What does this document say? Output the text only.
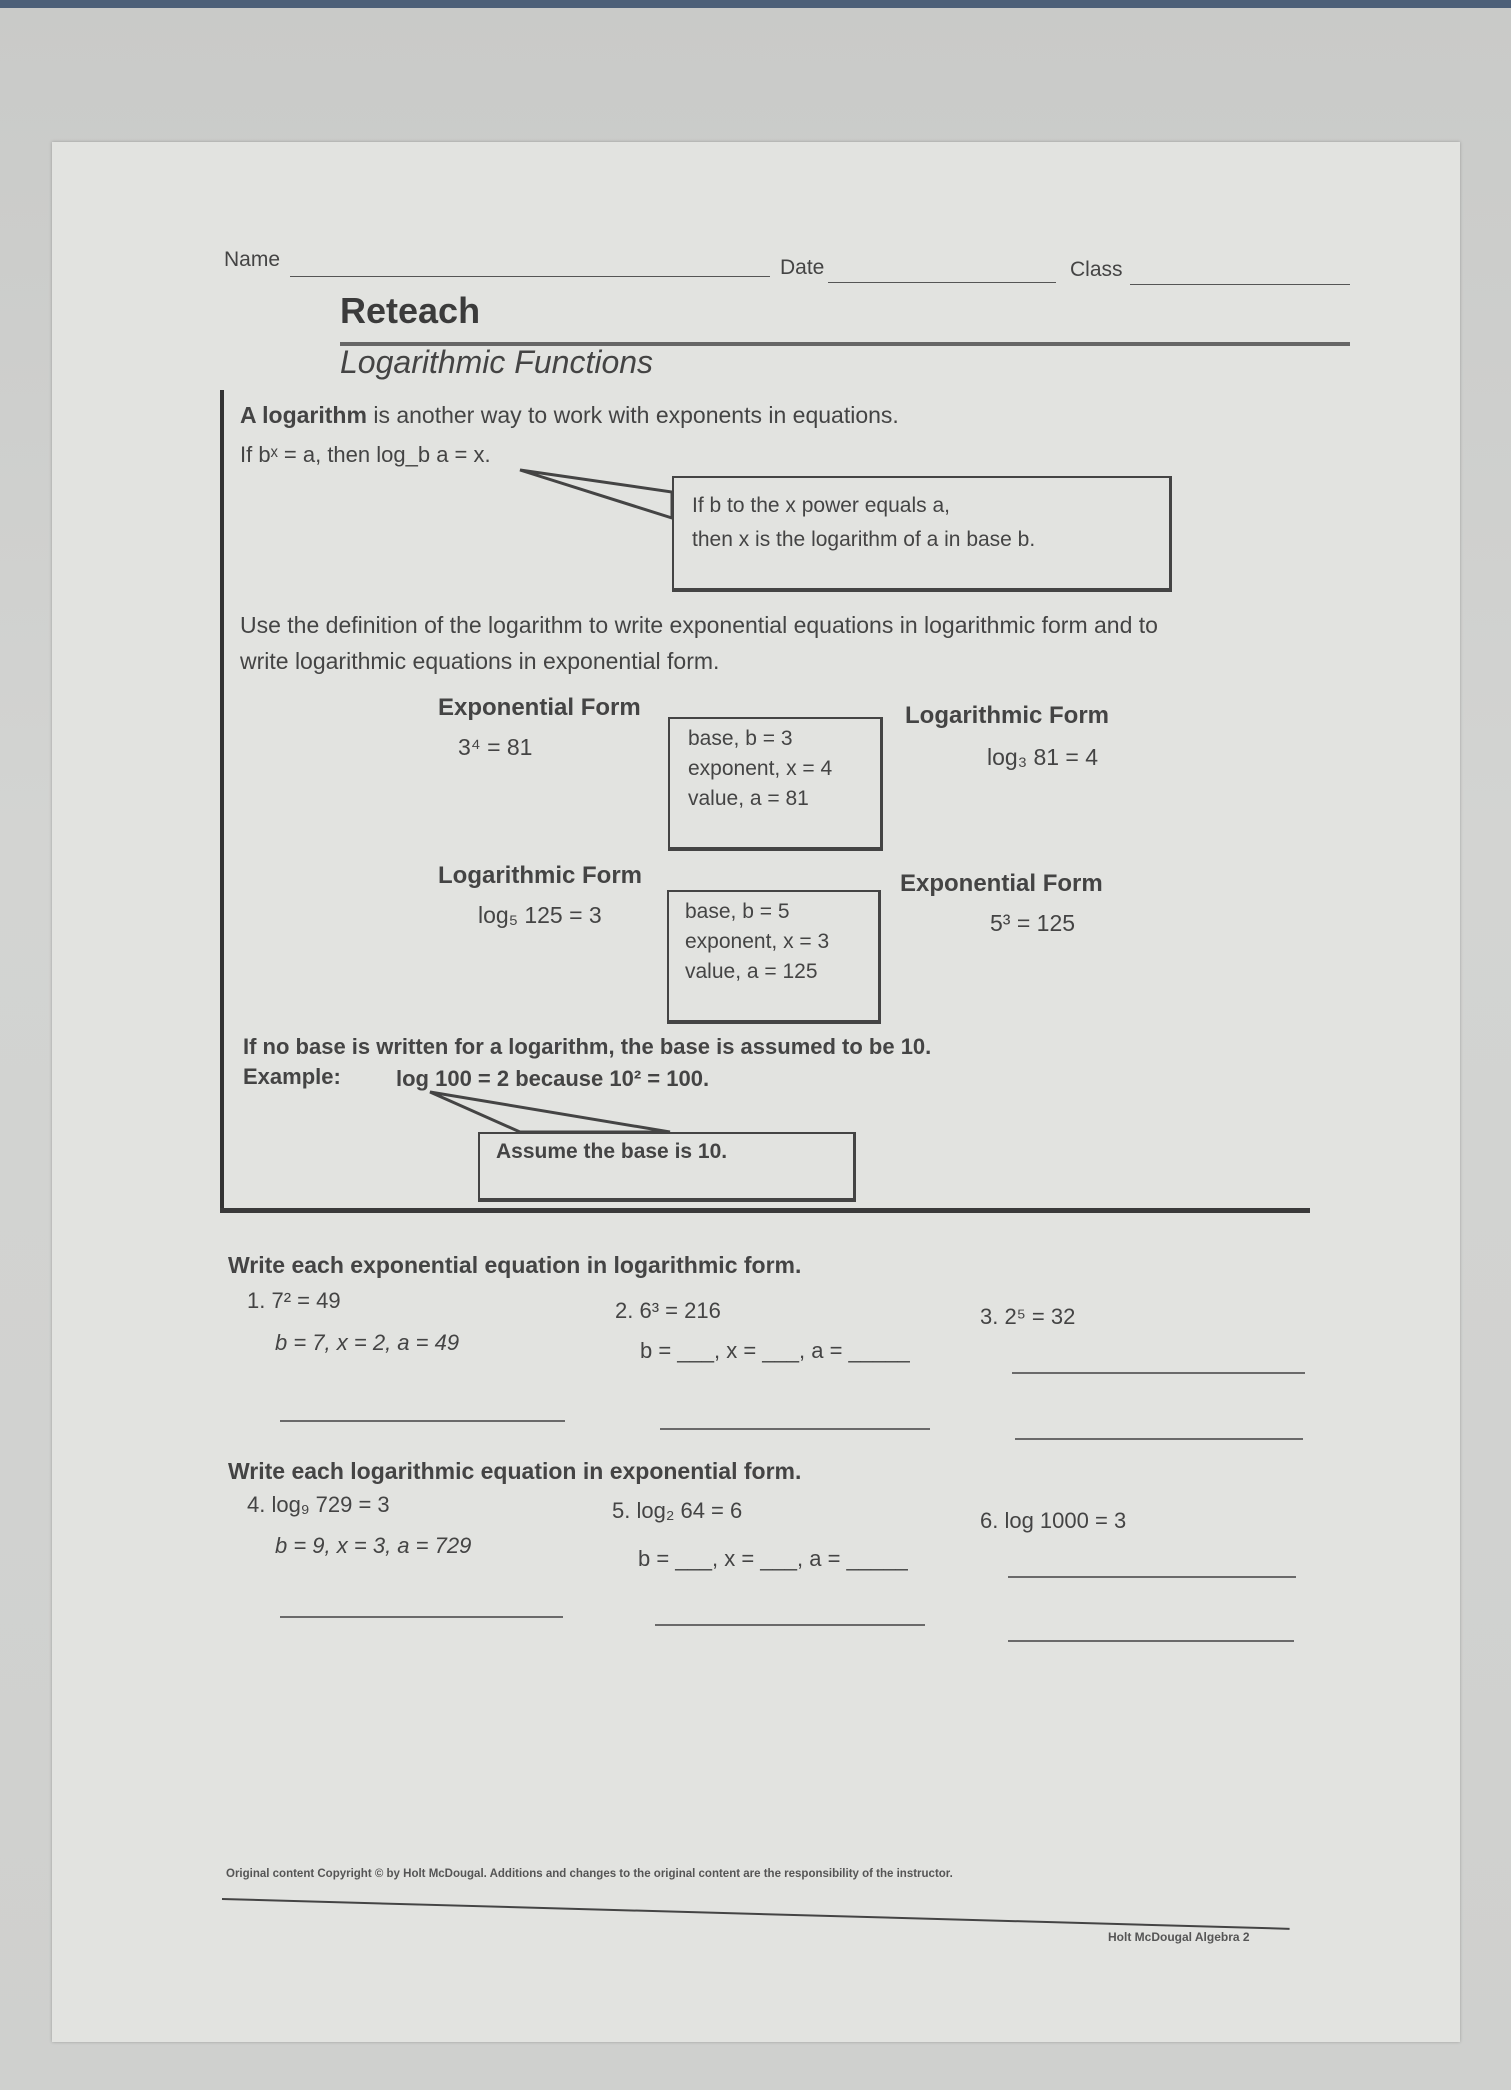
Name	Date	Class
Reteach
Logarithmic Functions
A logarithm is another way to work with exponents in equations.
If bˣ = a, then log_b a = x.
If b to the x power equals a,
then x is the logarithm of a in base b.
Use the definition of the logarithm to write exponential equations in logarithmic form and to
write logarithmic equations in exponential form.
Exponential Form
3⁴ = 81	base, b = 3
exponent, x = 4
value, a = 81
Logarithmic Form
log₃ 81 = 4
Logarithmic Form
log₅ 125 = 3	base, b = 5
exponent, x = 3
value, a = 125
Exponential Form
5³ = 125
If no base is written for a logarithm, the base is assumed to be 10.
Example:	log 100 = 2 because 10² = 100.
Assume the base is 10.
Write each exponential equation in logarithmic form.
1. 7² = 49
b = 7, x = 2, a = 49
2. 6³ = 216
b = ___, x = ___, a = _____
3. 2⁵ = 32
Write each logarithmic equation in exponential form.
4. log₉ 729 = 3
b = 9, x = 3, a = 729
5. log₂ 64 = 6
b = ___, x = ___, a = _____
6. log 1000 = 3
Original content Copyright © by Holt McDougal. Additions and changes to the original content are the responsibility of the instructor.
Holt McDougal Algebra 2
